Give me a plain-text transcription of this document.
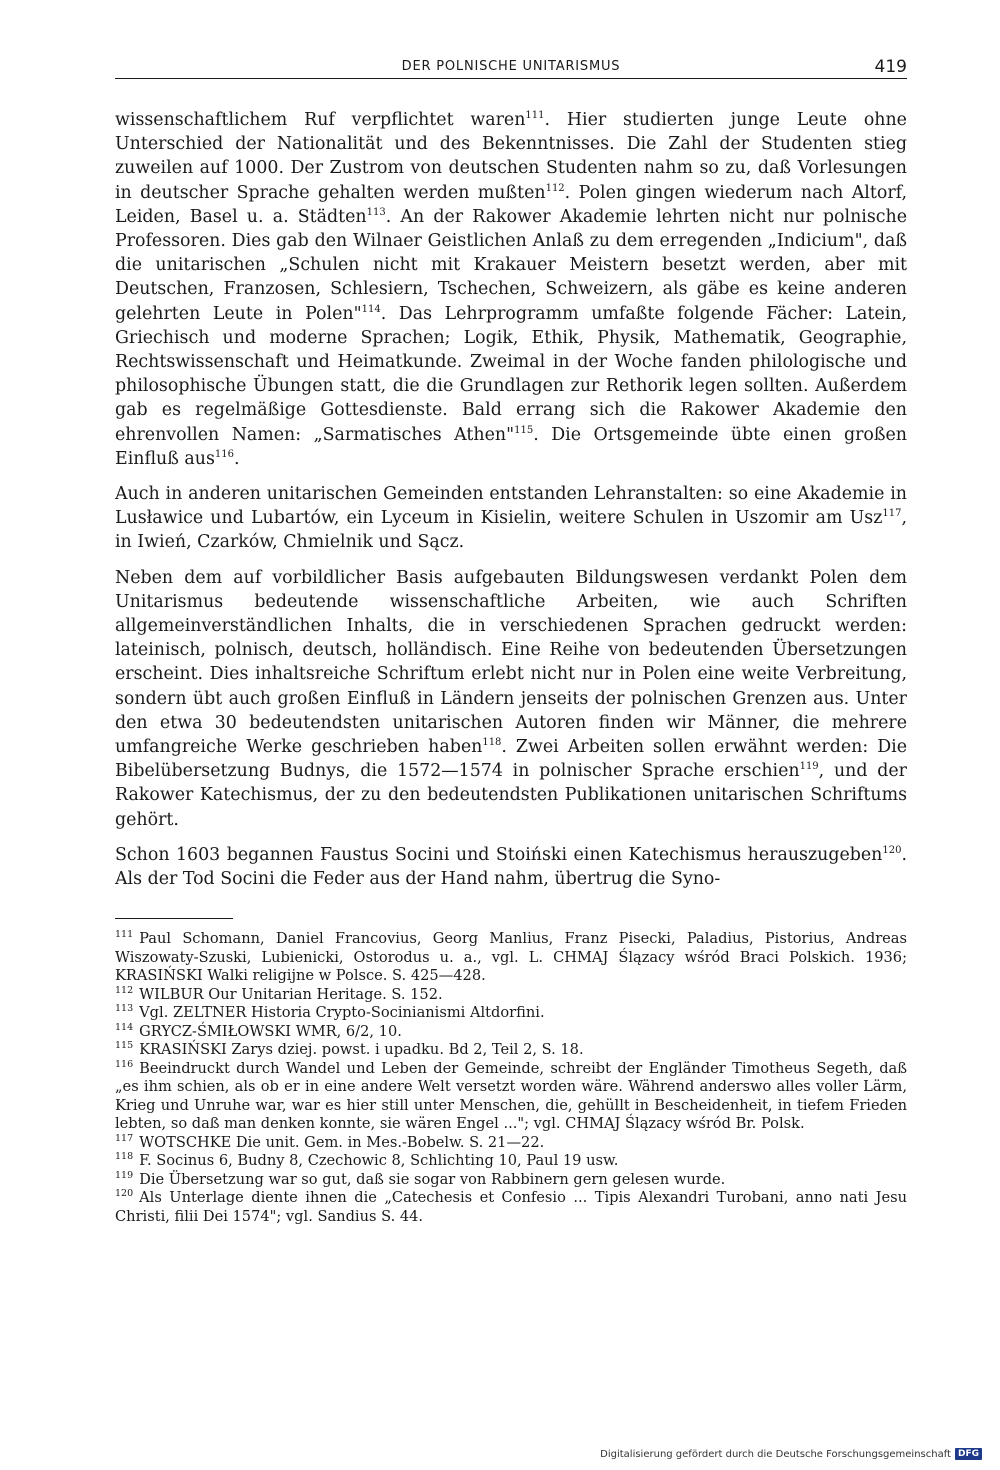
DER POLNISCHE UNITARISMUS	419

wissenschaftlichem Ruf verpflichtet waren$^{111}$. Hier studierten junge Leute ohne Unterschied der Nationalität und des Bekenntnisses. Die Zahl der Studenten stieg zuweilen auf 1000. Der Zustrom von deutschen Studenten nahm so zu, daß Vorlesungen in deutscher Sprache gehalten werden mußten$^{112}$. Polen gingen wiederum nach Altorf, Leiden, Basel u. a. Städten$^{113}$. An der Rakower Akademie lehrten nicht nur polnische Professoren. Dies gab den Wilnaer Geistlichen Anlaß zu dem erregenden „Indicium", daß die unitarischen „Schulen nicht mit Krakauer Meistern besetzt werden, aber mit Deutschen, Franzosen, Schlesiern, Tschechen, Schweizern, als gäbe es keine anderen gelehrten Leute in Polen"$^{114}$. Das Lehrprogramm umfaßte folgende Fächer: Latein, Griechisch und moderne Sprachen; Logik, Ethik, Physik, Mathematik, Geographie, Rechtswissenschaft und Heimatkunde. Zweimal in der Woche fanden philologische und philosophische Übungen statt, die die Grundlagen zur Rethorik legen sollten. Außerdem gab es regelmäßige Gottesdienste. Bald errang sich die Rakower Akademie den ehrenvollen Namen: „Sarmatisches Athen"$^{115}$. Die Ortsgemeinde übte einen großen Einfluß aus$^{116}$.

Auch in anderen unitarischen Gemeinden entstanden Lehranstalten: so eine Akademie in Lusławice und Lubartów, ein Lyceum in Kisielin, weitere Schulen in Uszomir am Usz$^{117}$, in Iwień, Czarków, Chmielnik und Sącz.

Neben dem auf vorbildlicher Basis aufgebauten Bildungswesen verdankt Polen dem Unitarismus bedeutende wissenschaftliche Arbeiten, wie auch Schriften allgemeinverständlichen Inhalts, die in verschiedenen Sprachen gedruckt werden: lateinisch, polnisch, deutsch, holländisch. Eine Reihe von bedeutenden Übersetzungen erscheint. Dies inhaltsreiche Schriftum erlebt nicht nur in Polen eine weite Verbreitung, sondern übt auch großen Einfluß in Ländern jenseits der polnischen Grenzen aus. Unter den etwa 30 bedeutendsten unitarischen Autoren finden wir Männer, die mehrere umfangreiche Werke geschrieben haben$^{118}$. Zwei Arbeiten sollen erwähnt werden: Die Bibelübersetzung Budnys, die 1572—1574 in polnischer Sprache erschien$^{119}$, und der Rakower Katechismus, der zu den bedeutendsten Publikationen unitarischen Schriftums gehört.

Schon 1603 begannen Faustus Socini und Stoiński einen Katechismus herauszugeben$^{120}$. Als der Tod Socini die Feder aus der Hand nahm, übertrug die Syno-

$^{111}$ Paul Schomann, Daniel Francovius, Georg Manlius, Franz Pisecki, Paladius, Pistorius, Andreas Wiszowaty-Szuski, Lubienicki, Ostorodus u. a., vgl. L. CHMAJ Ślązacy wśród Braci Polskich. 1936; KRASIŃSKI Walki religijne w Polsce. S. 425—428.

$^{112}$ WILBUR Our Unitarian Heritage. S. 152.

$^{113}$ Vgl. ZELTNER Historia Crypto-Socinianismi Altdorfini.

$^{114}$ GRYCZ-ŚMIŁOWSKI WMR, 6/2, 10.

$^{115}$ KRASIŃSKI Zarys dziej. powst. i upadku. Bd 2, Teil 2, S. 18.

$^{116}$ Beeindruckt durch Wandel und Leben der Gemeinde, schreibt der Engländer Timotheus Segeth, daß „es ihm schien, als ob er in eine andere Welt versetzt worden wäre. Während anderswo alles voller Lärm, Krieg und Unruhe war, war es hier still unter Menschen, die, gehüllt in Bescheidenheit, in tiefem Frieden lebten, so daß man denken konnte, sie wären Engel ..."; vgl. CHMAJ Ślązacy wśród Br. Polsk.

$^{117}$ WOTSCHKE Die unit. Gem. in Mes.-Bobelw. S. 21—22.

$^{118}$ F. Socinus 6, Budny 8, Czechowic 8, Schlichting 10, Paul 19 usw.

$^{119}$ Die Übersetzung war so gut, daß sie sogar von Rabbinern gern gelesen wurde.

$^{120}$ Als Unterlage diente ihnen die „Catechesis et Confesio ... Tipis Alexandri Turobani, anno nati Jesu Christi, filii Dei 1574"; vgl. Sandius S. 44.

Digitalisierung gefördert durch die Deutsche Forschungsgemeinschaft DFG
